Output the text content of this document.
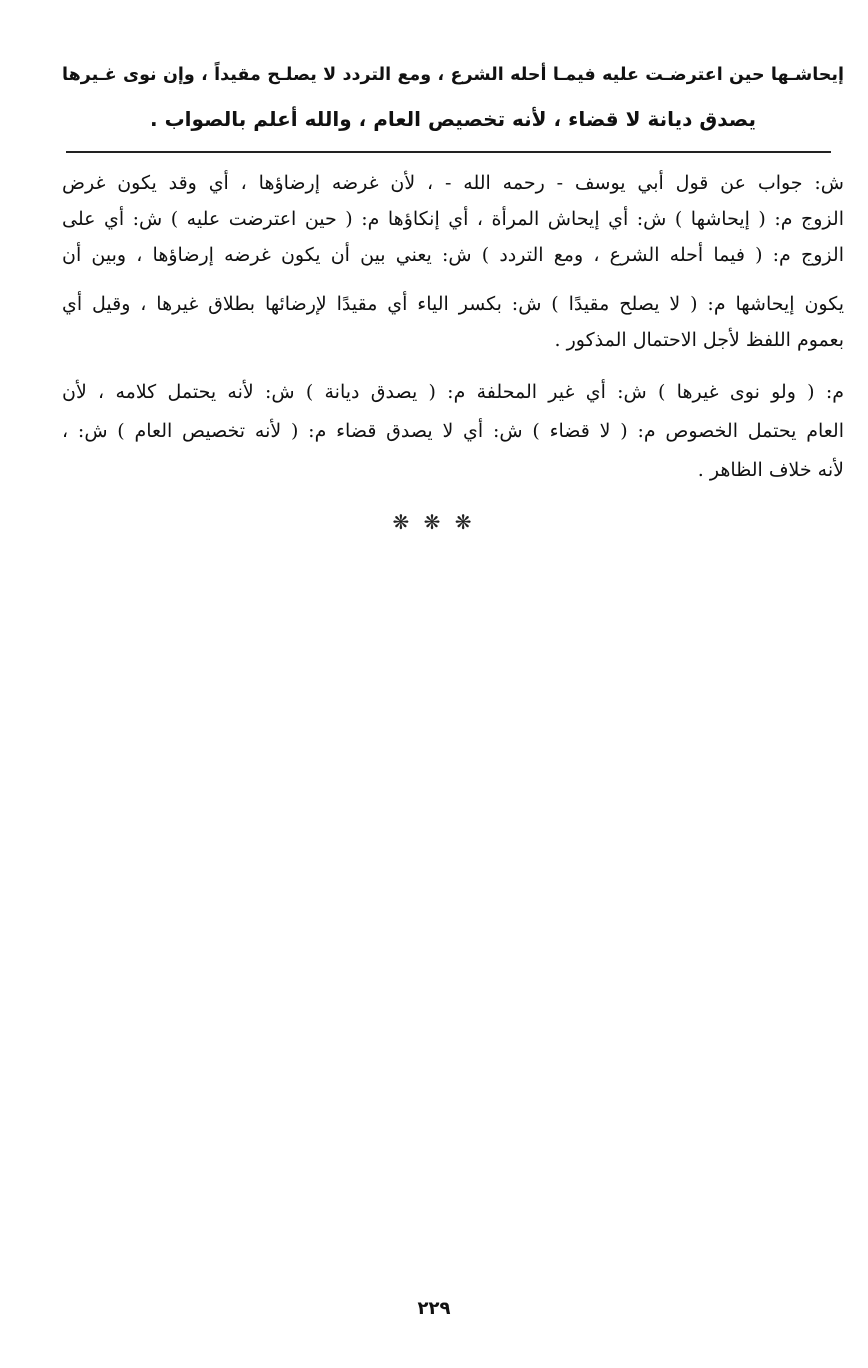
إيحاشـها حين اعترضـت عليه فيمـا أحله الشرع ، ومع التردد لا يصلـح مقيداً ، وإن نوى غـيرها
يصدق ديانة لا قضاء ، لأنه تخصيص العام ، والله أعلم بالصواب .
ش: جواب عن قول أبي يوسف - رحمه الله - ، لأن غرضه إرضاؤها ، أي وقد يكون غرض
الزوج م: ( إيحاشها ) ش: أي إيحاش المرأة ، أي إنكاؤها م: ( حين اعترضت عليه ) ش: أي على
الزوج م: ( فيما أحله الشرع ، ومع التردد ) ش: يعني بين أن يكون غرضه إرضاؤها ، وبين أن
يكون إيحاشها م: ( لا يصلح مقيدًا ) ش: بكسر الياء أي مقيدًا لإرضائها بطلاق غيرها ، وقيل أي
بعموم اللفظ لأجل الاحتمال المذكور .
م: ( ولو نوى غيرها ) ش: أي غير المحلفة م: ( يصدق ديانة ) ش: لأنه يحتمل كلامه ، لأن
العام يحتمل الخصوص م: ( لا قضاء ) ش: أي لا يصدق قضاء م: ( لأنه تخصيص العام ) ش: ،
لأنه خلاف الظاهر .
❋ ❋ ❋
٢٢٩
